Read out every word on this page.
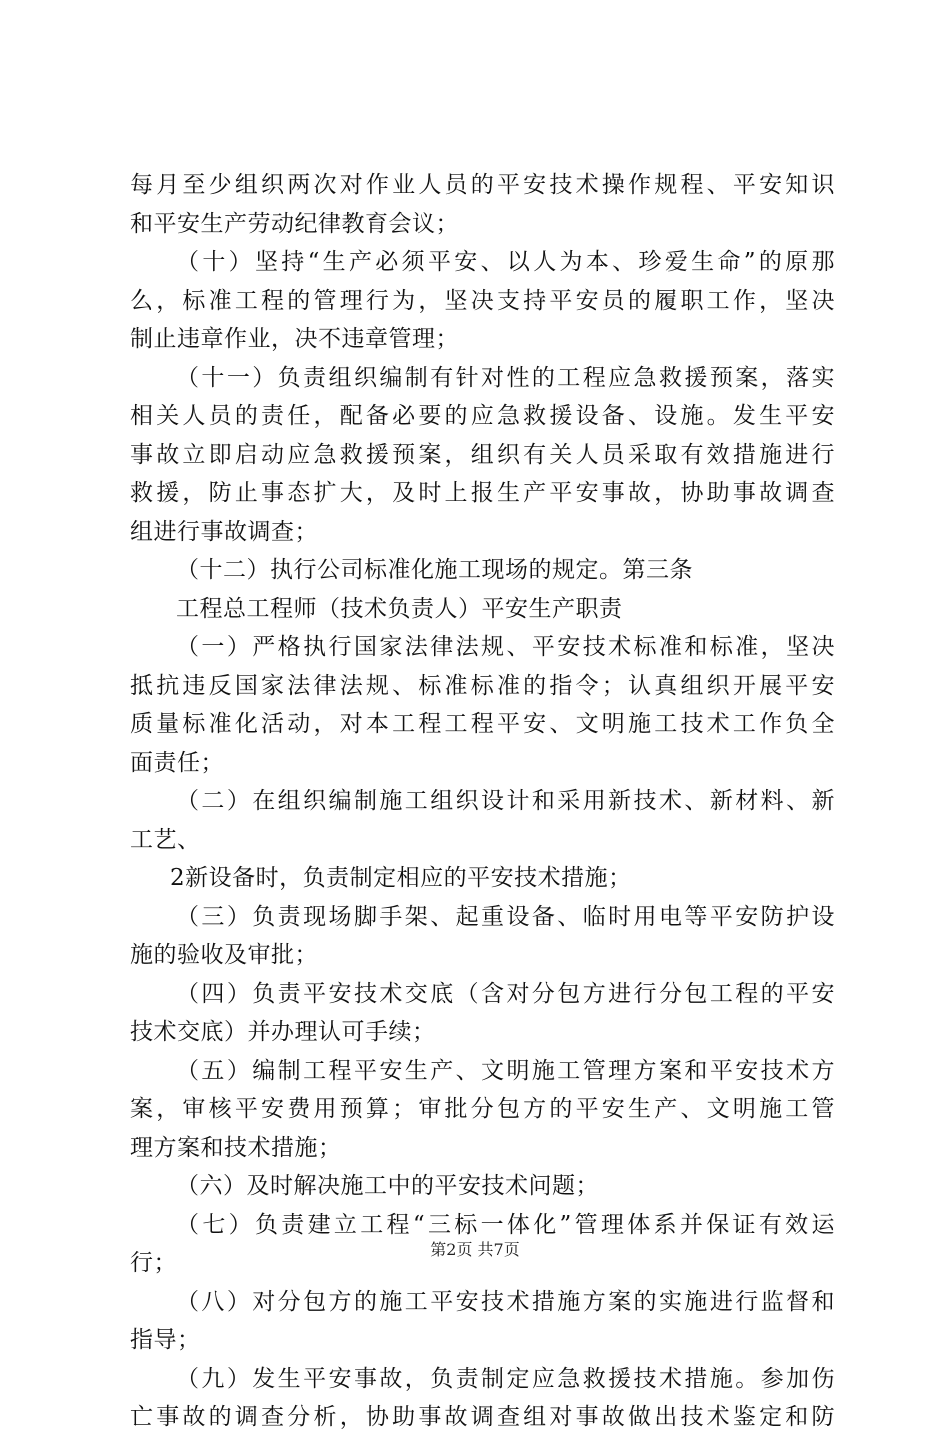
每月至少组织两次对作业人员的平安技术操作规程、平安知识
和平安生产劳动纪律教育会议；
（十）坚持“生产必须平安、以人为本、珍爱生命”的原那
么，标准工程的管理行为，坚决支持平安员的履职工作，坚决
制止违章作业，决不违章管理；
（十一）负责组织编制有针对性的工程应急救援预案，落实
相关人员的责任，配备必要的应急救援设备、设施。发生平安
事故立即启动应急救援预案，组织有关人员采取有效措施进行
救援，防止事态扩大，及时上报生产平安事故，协助事故调查
组进行事故调查；
（十二）执行公司标准化施工现场的规定。第三条
工程总工程师（技术负责人）平安生产职责
（一）严格执行国家法律法规、平安技术标准和标准，坚决
抵抗违反国家法律法规、标准标准的指令；认真组织开展平安
质量标准化活动，对本工程工程平安、文明施工技术工作负全
面责任；
（二）在组织编制施工组织设计和采用新技术、新材料、新
工艺、
2新设备时，负责制定相应的平安技术措施；
（三）负责现场脚手架、起重设备、临时用电等平安防护设
施的验收及审批；
（四）负责平安技术交底（含对分包方进行分包工程的平安
技术交底）并办理认可手续；
（五）编制工程平安生产、文明施工管理方案和平安技术方
案，审核平安费用预算；审批分包方的平安生产、文明施工管
理方案和技术措施；
（六）及时解决施工中的平安技术问题；
（七）负责建立工程“三标一体化”管理体系并保证有效运
行；
（八）对分包方的施工平安技术措施方案的实施进行监督和
指导；
（九）发生平安事故，负责制定应急救援技术措施。参加伤
亡事故的调查分析，协助事故调查组对事故做出技术鉴定和防
第2页 共7页
